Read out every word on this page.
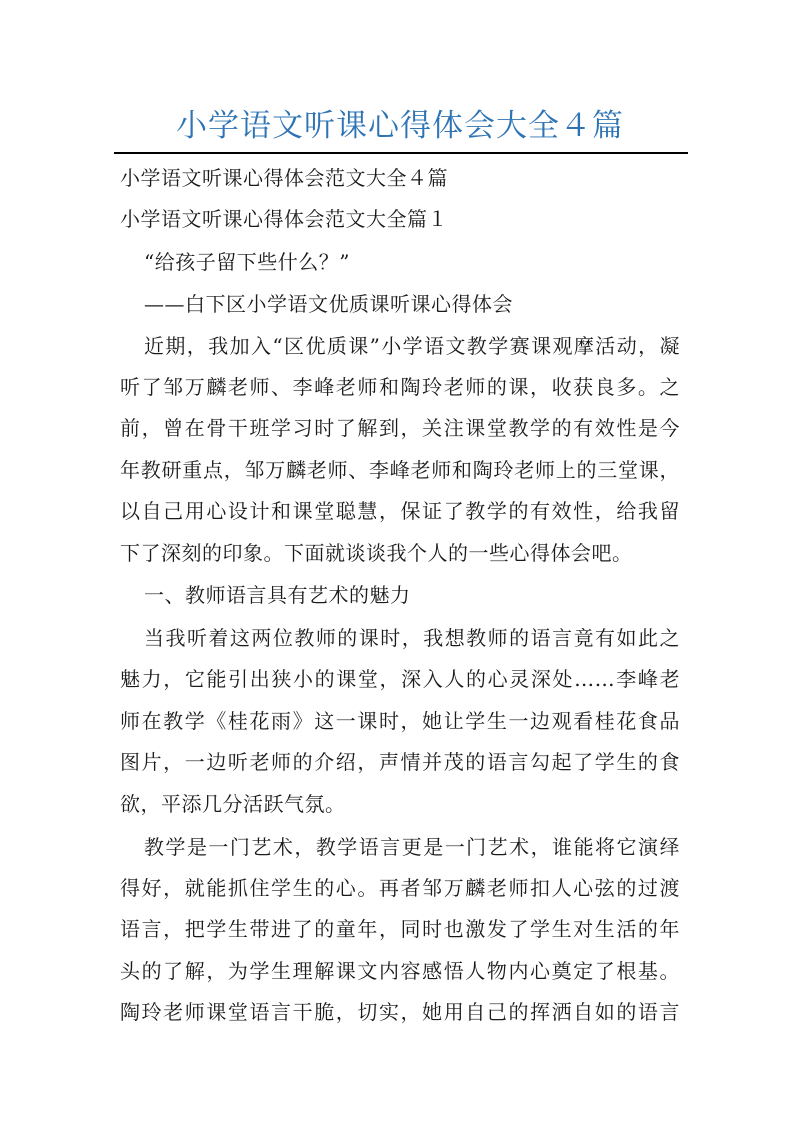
小学语文听课心得体会大全４篇
小学语文听课心得体会范文大全４篇
小学语文听课心得体会范文大全篇１
“给孩子留下些什么？”
——白下区小学语文优质课听课心得体会
近期，我加入“区优质课”小学语文教学赛课观摩活动，凝
听了邹万麟老师、李峰老师和陶玲老师的课，收获良多。之
前，曾在骨干班学习时了解到，关注课堂教学的有效性是今
年教研重点，邹万麟老师、李峰老师和陶玲老师上的三堂课，
以自己用心设计和课堂聪慧，保证了教学的有效性，给我留
下了深刻的印象。下面就谈谈我个人的一些心得体会吧。
一、教师语言具有艺术的魅力
当我听着这两位教师的课时，我想教师的语言竟有如此之
魅力，它能引出狭小的课堂，深入人的心灵深处……李峰老
师在教学《桂花雨》这一课时，她让学生一边观看桂花食品
图片，一边听老师的介绍，声情并茂的语言勾起了学生的食
欲，平添几分活跃气氛。
教学是一门艺术，教学语言更是一门艺术，谁能将它演绎
得好，就能抓住学生的心。再者邹万麟老师扣人心弦的过渡
语言，把学生带进了的童年，同时也激发了学生对生活的年
头的了解，为学生理解课文内容感悟人物内心奠定了根基。
陶玲老师课堂语言干脆，切实，她用自己的挥洒自如的语言
